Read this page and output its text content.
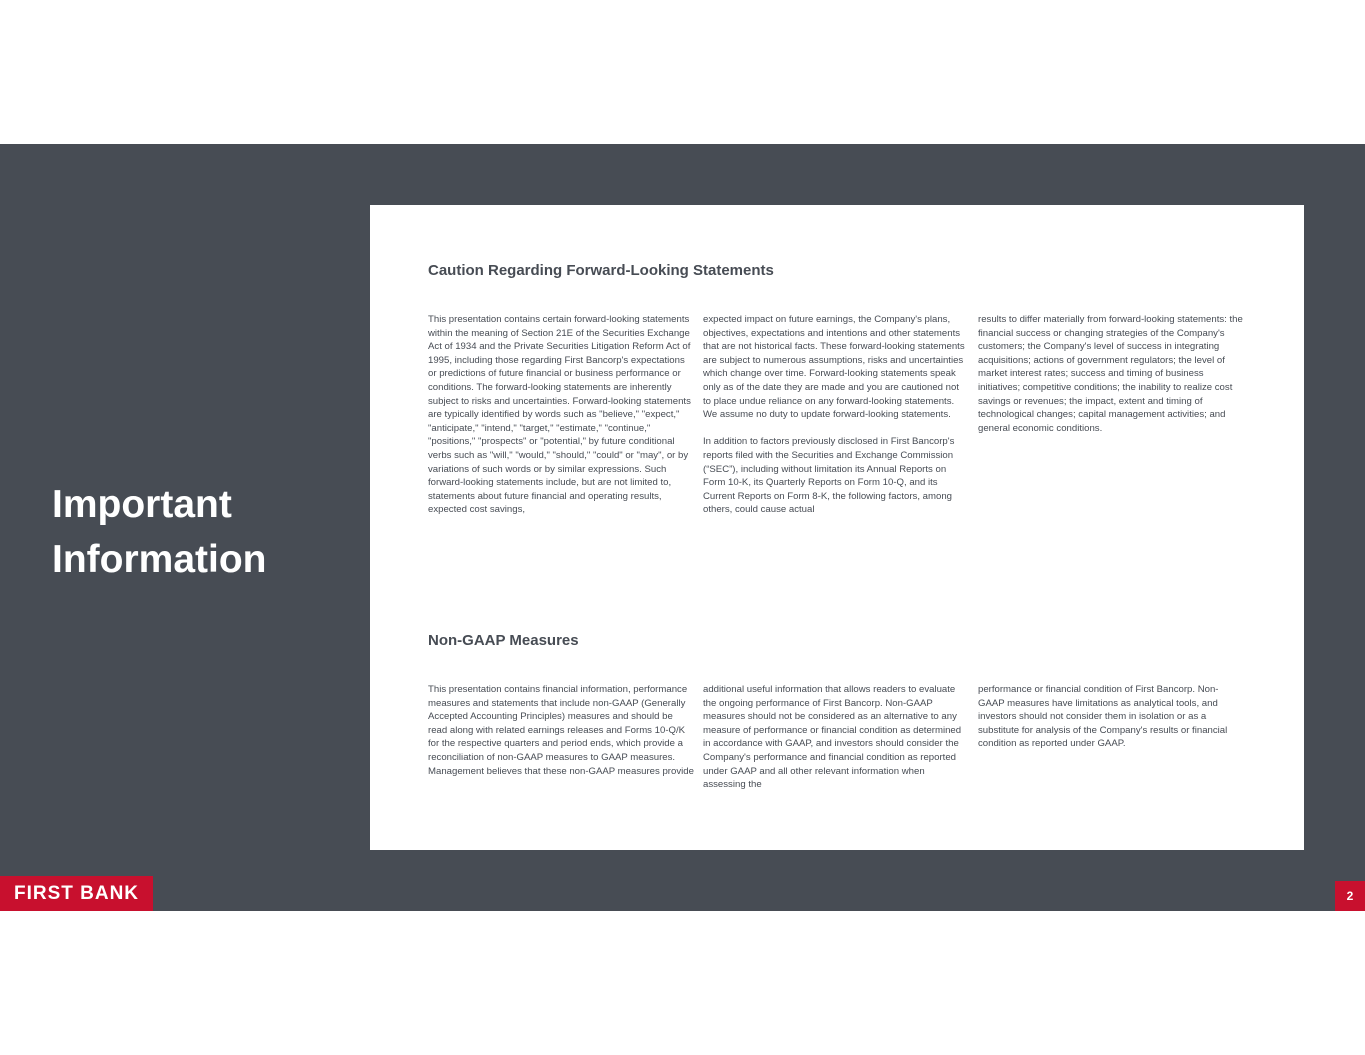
Important
Information
Caution Regarding Forward-Looking Statements

This presentation contains certain forward-looking statements within the meaning of Section 21E of the Securities Exchange Act of 1934 and the Private Securities Litigation Reform Act of 1995, including those regarding First Bancorp's expectations or predictions of future financial or business performance or conditions. The forward-looking statements are inherently subject to risks and uncertainties. Forward-looking statements are typically identified by words such as "believe," "expect," "anticipate," "intend," "target," "estimate," "continue," "positions," "prospects" or "potential," by future conditional verbs such as "will," "would," "should," "could" or "may", or by variations of such words or by similar expressions. Such forward-looking statements include, but are not limited to, statements about future financial and operating results, expected cost savings,

expected impact on future earnings, the Company's plans, objectives, expectations and intentions and other statements that are not historical facts. These forward-looking statements are subject to numerous assumptions, risks and uncertainties which change over time. Forward-looking statements speak only as of the date they are made and you are cautioned not to place undue reliance on any forward-looking statements. We assume no duty to update forward-looking statements.

In addition to factors previously disclosed in First Bancorp's reports filed with the Securities and Exchange Commission (“SEC”), including without limitation its Annual Reports on Form 10-K, its Quarterly Reports on Form 10-Q, and its Current Reports on Form 8-K, the following factors, among others, could cause actual

results to differ materially from forward-looking statements: the financial success or changing strategies of the Company's customers; the Company's level of success in integrating acquisitions; actions of government regulators; the level of market interest rates; success and timing of business initiatives; competitive conditions; the inability to realize cost savings or revenues; the impact, extent and timing of technological changes; capital management activities; and general economic conditions.

Non-GAAP Measures

This presentation contains financial information, performance measures and statements that include non-GAAP (Generally Accepted Accounting Principles) measures and should be read along with related earnings releases and Forms 10-Q/K for the respective quarters and period ends, which provide a reconciliation of non-GAAP measures to GAAP measures. Management believes that these non-GAAP measures provide

additional useful information that allows readers to evaluate the ongoing performance of First Bancorp. Non-GAAP measures should not be considered as an alternative to any measure of performance or financial condition as determined in accordance with GAAP, and investors should consider the Company's performance and financial condition as reported under GAAP and all other relevant information when assessing the

performance or financial condition of First Bancorp. Non-GAAP measures have limitations as analytical tools, and investors should not consider them in isolation or as a substitute for analysis of the Company's results or financial condition as reported under GAAP.

FIRST BANK	2
